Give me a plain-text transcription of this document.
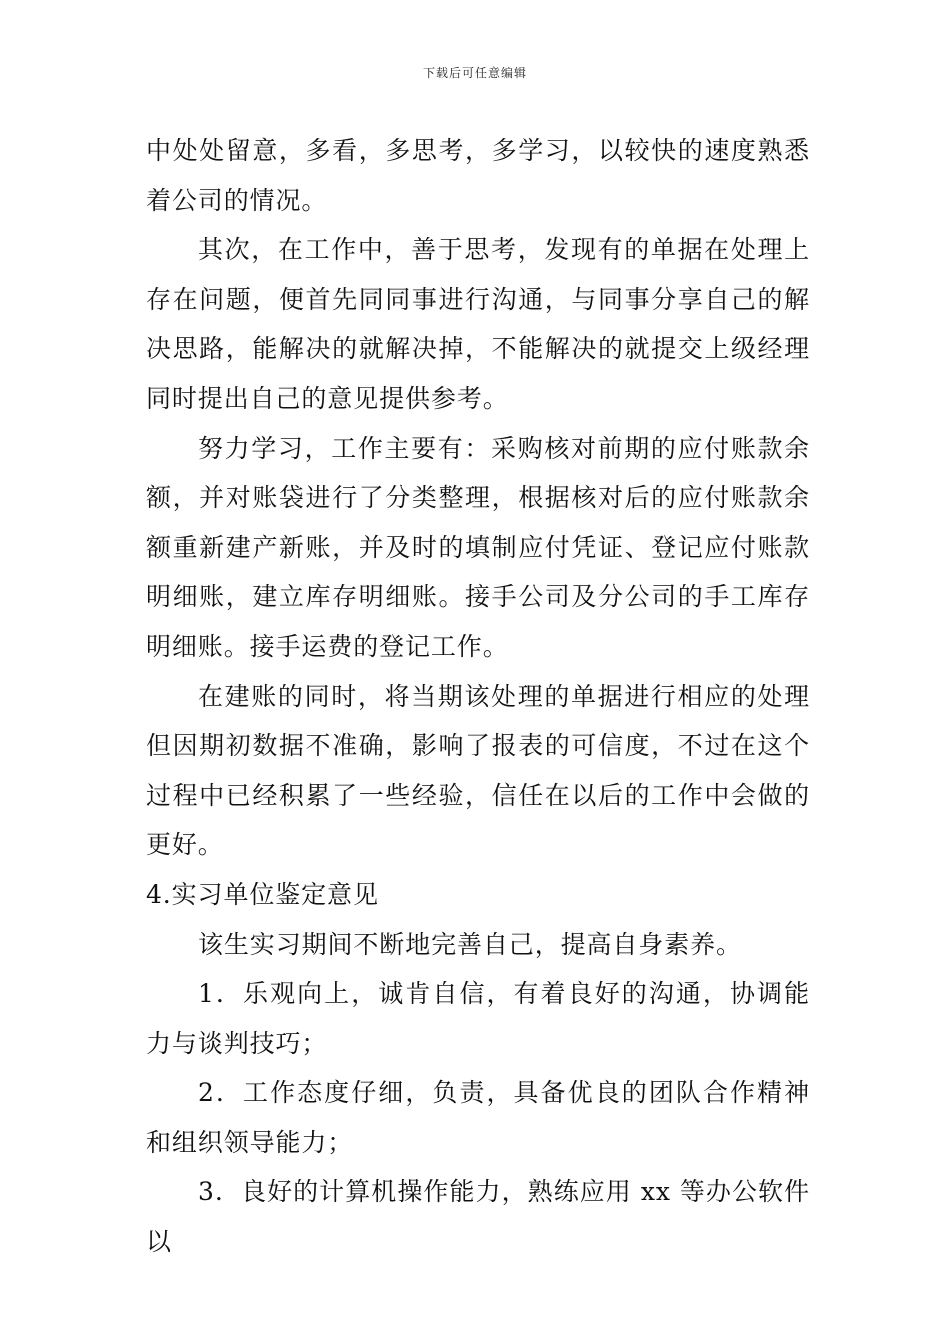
下载后可任意编辑

中处处留意，多看，多思考，多学习，以较快的速度熟悉着公司的情况。

其次，在工作中，善于思考，发现有的单据在处理上存在问题，便首先同同事进行沟通，与同事分享自己的解决思路，能解决的就解决掉，不能解决的就提交上级经理同时提出自己的意见提供参考。

努力学习，工作主要有：采购核对前期的应付账款余额，并对账袋进行了分类整理，根据核对后的应付账款余额重新建产新账，并及时的填制应付凭证、登记应付账款明细账，建立库存明细账。接手公司及分公司的手工库存明细账。接手运费的登记工作。

在建账的同时，将当期该处理的单据进行相应的处理但因期初数据不准确，影响了报表的可信度，不过在这个过程中已经积累了一些经验，信任在以后的工作中会做的更好。

4.实习单位鉴定意见

该生实习期间不断地完善自己，提高自身素养。

1．乐观向上，诚肯自信，有着良好的沟通，协调能力与谈判技巧；

2．工作态度仔细，负责，具备优良的团队合作精神和组织领导能力；

3．良好的计算机操作能力，熟练应用 xx 等办公软件以
